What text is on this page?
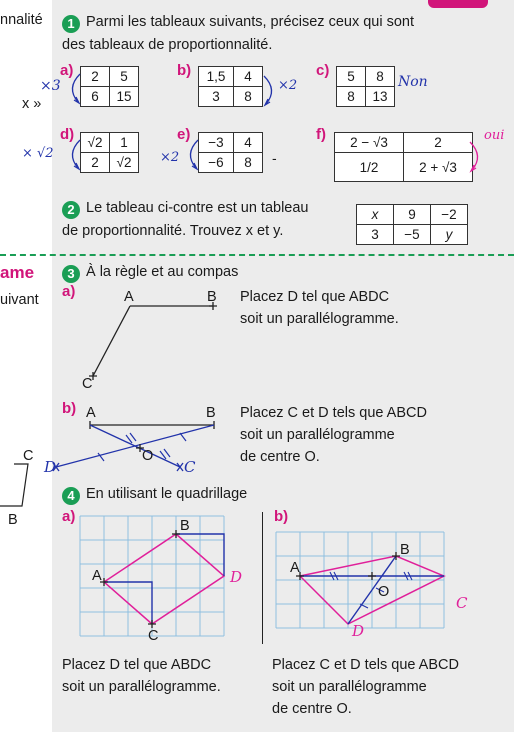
nnalité
x »
ame
uivant
C
B
1 Parmi les tableaux suivants, précisez ceux qui sont
des tableaux de proportionnalité.
a) 2	5
6	15
×3
b) 1,5	4
3	8
×2
c) 5	8
8	13
Non
d) √2	1
2	√2
× √2
e) −3	4
−6	8
×2	-
f) 2 − √3	2
1/2	2 + √3
oui
2 Le tableau ci-contre est un tableau
de proportionnalité. Trouvez x et y.
x	9	−2
3	−5	y
3 À la règle et au compas
a)	A	B
C
Placez D tel que ABDC
soit un parallélogramme.
b) A	B
O
C
D
Placez C et D tels que ABCD
soit un parallélogramme
de centre O.
4 En utilisant le quadrillage
a)	b)
B
A
C
D
Placez D tel que ABDC
soit un parallélogramme.
B
A
O
C
D
Placez C et D tels que ABCD
soit un parallélogramme
de centre O.
